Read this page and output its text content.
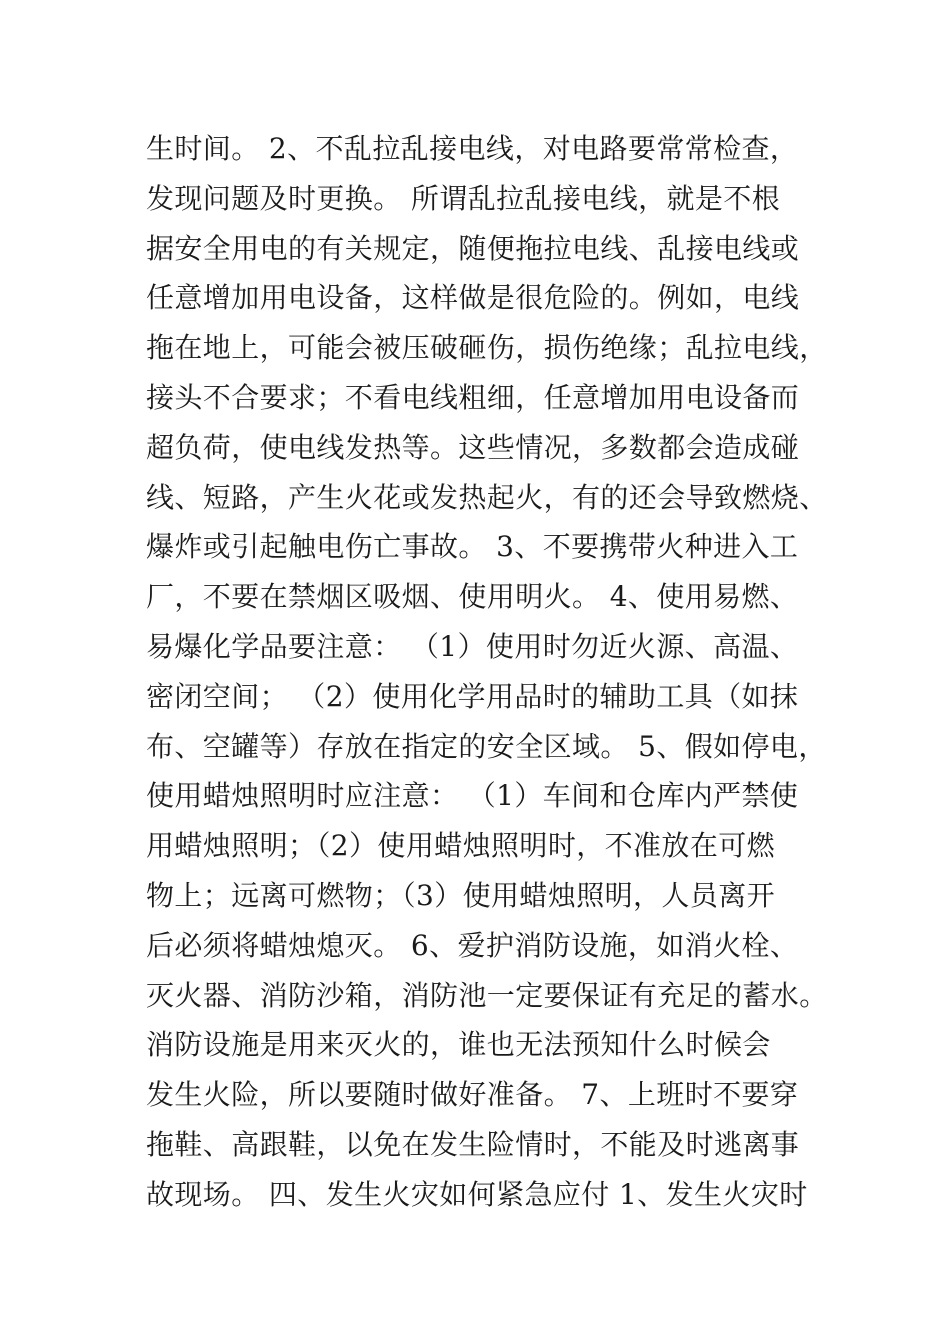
生时间。 2、不乱拉乱接电线，对电路要常常检查，
发现问题及时更换。 所谓乱拉乱接电线，就是不根
据安全用电的有关规定，随便拖拉电线、乱接电线或
任意增加用电设备，这样做是很危险的。例如，电线
拖在地上，可能会被压破砸伤，损伤绝缘；乱拉电线，
接头不合要求；不看电线粗细，任意增加用电设备而
超负荷，使电线发热等。这些情况，多数都会造成碰
线、短路，产生火花或发热起火，有的还会导致燃烧、
爆炸或引起触电伤亡事故。 3、不要携带火种进入工
厂，不要在禁烟区吸烟、使用明火。 4、使用易燃、
易爆化学品要注意： （1）使用时勿近火源、高温、
密闭空间； （2）使用化学用品时的辅助工具（如抹
布、空罐等）存放在指定的安全区域。 5、假如停电，
使用蜡烛照明时应注意： （1）车间和仓库内严禁使
用蜡烛照明；（2）使用蜡烛照明时，不准放在可燃
物上；远离可燃物；（3）使用蜡烛照明，人员离开
后必须将蜡烛熄灭。 6、爱护消防设施，如消火栓、
灭火器、消防沙箱，消防池一定要保证有充足的蓄水。
消防设施是用来灭火的，谁也无法预知什么时候会
发生火险，所以要随时做好准备。 7、上班时不要穿
拖鞋、高跟鞋，以免在发生险情时，不能及时逃离事
故现场。 四、发生火灾如何紧急应付 1、发生火灾时
